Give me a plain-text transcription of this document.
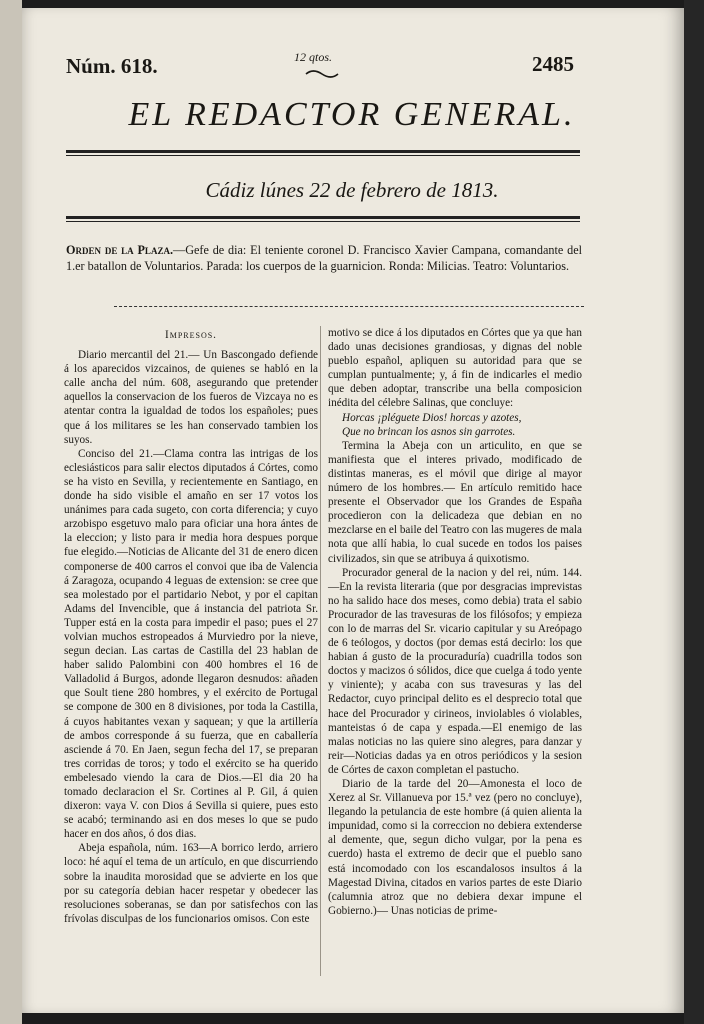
Núm. 618.	12 qtos.	2485
EL REDACTOR GENERAL.
Cádiz lúnes 22 de febrero de 1813.
Orden de la Plaza.—Gefe de dia: El teniente coronel D. Francisco Xavier Campana, comandante del 1.er batallon de Voluntarios. Parada: los cuerpos de la guarnicion. Ronda: Milicias. Teatro: Voluntarios.

Impresos.

Diario mercantil del 21.— Un Bascongado defiende á los aparecidos vizcainos, de quienes se habló en la calle ancha del núm. 608, asegurando que pretender aquellos la conservacion de los fueros de Vizcaya no es atentar contra la igualdad de todos los españoles; pues que á los militares se les han conservado tambien los suyos.

Conciso del 21.—Clama contra las intrigas de los eclesiásticos para salir electos diputados á Córtes, como se ha visto en Sevilla, y recientemente en Santiago, en donde ha sido visible el amaño en ser 17 votos los unánimes para cada sugeto, con corta diferencia; y cuyo arzobispo esgetuvo malo para oficiar una hora ántes de la eleccion; y listo para ir media hora despues porque fue elegido.—Noticias de Alicante del 31 de enero dicen componerse de 400 carros el convoi que iba de Valencia á Zaragoza, ocupando 4 leguas de extension: se cree que sea molestado por el partidario Nebot, y por el capitan Adams del Invencible, que á instancia del patriota Sr. Tupper está en la costa para impedir el paso; pues el 27 volvian muchos estropeados á Murviedro por la nieve, segun decian. Las cartas de Castilla del 23 hablan de haber salido Palombini con 400 hombres el 16 de Valladolid á Burgos, adonde llegaron desnudos: añaden que Soult tiene 280 hombres, y el exército de Portugal se compone de 300 en 8 divisiones, por toda la Castilla, á cuyos habitantes vexan y saquean; y que la artillería de ambos corresponde á su fuerza, que en caballería asciende á 70. En Jaen, segun fecha del 17, se preparan tres corridas de toros; y todo el exército se ha querido embelesado viendo la cara de Dios.—El dia 20 ha tomado declaracion el Sr. Cortines al P. Gil, á quien dixeron: vaya V. con Dios á Sevilla si quiere, pues esto se acabó; terminando asi en dos meses lo que se pudo hacer en dos años, ó dos dias.

Abeja española, núm. 163—A borrico lerdo, arriero loco: hé aquí el tema de un artículo, en que discurriendo sobre la inaudita morosidad que se advierte en los que por su categoría debian hacer respetar y obedecer las resoluciones soberanas, se dan por satisfechos con las frívolas disculpas de los funcionarios omisos. Con este

motivo se dice á los diputados en Córtes que ya que han dado unas decisiones grandiosas, y dignas del noble pueblo español, apliquen su autoridad para que se cumplan puntualmente; y, á fin de indicarles el medio que deben adoptar, transcribe una bella composicion inédita del célebre Salinas, que concluye:

Horcas ¡pléguete Dios! horcas y azotes,

Que no brincan los asnos sin garrotes.

Termina la Abeja con un articulito, en que se manifiesta que el interes privado, modificado de distintas maneras, es el móvil que dirige al mayor número de los hombres.— En artículo remitido hace presente el Observador que los Grandes de España procedieron con la delicadeza que debian en no mezclarse en el baile del Teatro con las mugeres de mala nota que allí habia, lo cual sucede en todos los paises civilizados, sin que se atribuya á quixotismo.

Procurador general de la nacion y del rei, núm. 144.—En la revista literaria (que por desgracias imprevistas no ha salido hace dos meses, como debia) trata el sabio Procurador de las travesuras de los filósofos; y empieza con lo de marras del Sr. vicario capitular y su Areópago de 6 teólogos, y doctos (por demas está decirlo: los que habian á gusto de la procuraduría) cuadrilla todos son doctos y macizos ó sólidos, dice que cuelga á todo yente y viniente); y acaba con sus travesuras y las del Redactor, cuyo principal delito es el desprecio total que hace del Procurador y cirineos, inviolables ó violables, manteistas ó de capa y espada.—El enemigo de las malas noticias no las quiere sino alegres, para danzar y reir—Noticias dadas ya en otros periódicos y la sesion de Córtes de caxon completan el pastucho.

Diario de la tarde del 20—Amonesta el loco de Xerez al Sr. Villanueva por 15.ª vez (pero no concluye), llegando la petulancia de este hombre (á quien alienta la impunidad, como si la correccion no debiera extenderse al demente, que, segun dicho vulgar, por la pena es cuerdo) hasta el extremo de decir que el pueblo sano está incomodado con los escandalosos insultos á la Magestad Divina, citados en varios partes de este Diario (calumnia atroz que no debiera dexar impune el Gobierno.)— Unas noticias de prime-
